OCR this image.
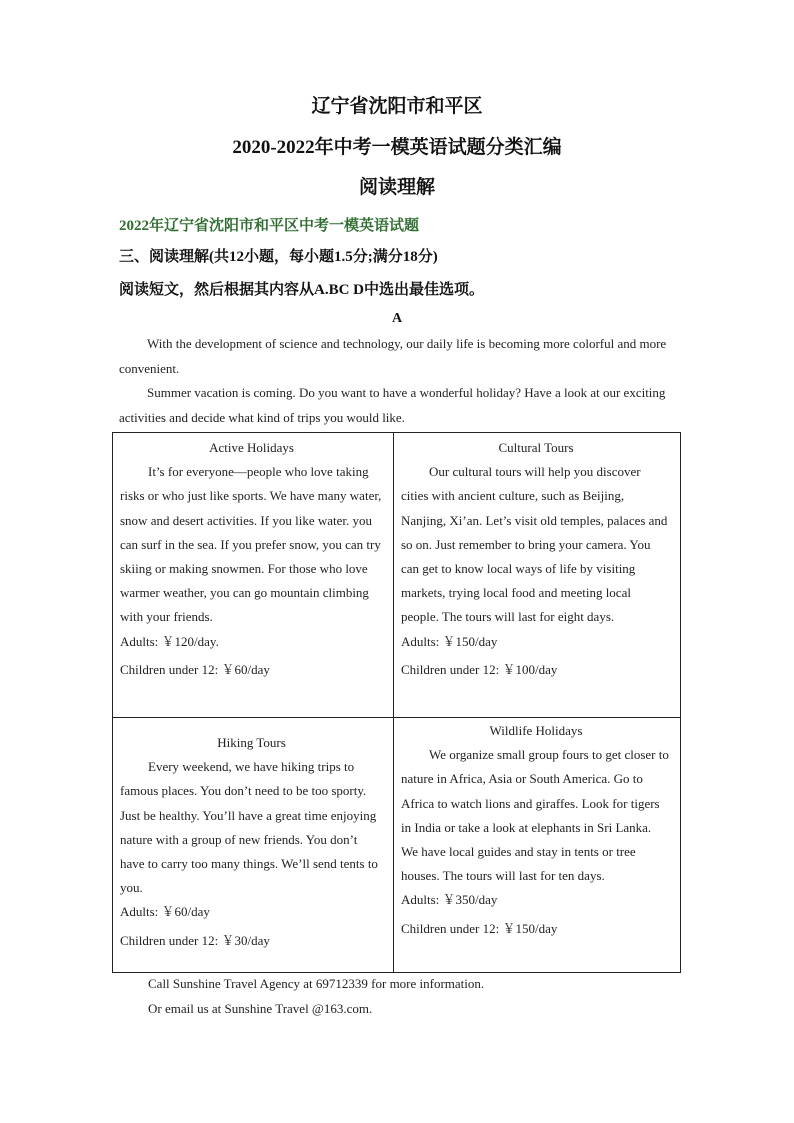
辽宁省沈阳市和平区
2020-2022年中考一模英语试题分类汇编
阅读理解
2022年辽宁省沈阳市和平区中考一模英语试题
三、阅读理解(共12小题，每小题1.5分;满分18分)
阅读短文，然后根据其内容从A.BC D中选出最佳选项。
A
With the development of science and technology, our daily life is becoming more colorful and more convenient.
Summer vacation is coming. Do you want to have a wonderful holiday? Have a look at our exciting activities and decide what kind of trips you would like.
Active Holidays
It’s for everyone—people who love taking risks or who just like sports. We have many water, snow and desert activities. If you like water. you can surf in the sea. If you prefer snow, you can try skiing or making snowmen. For those who love warmer weather, you can go mountain climbing with your friends.
Adults: ￥120/day.
Children under 12: ￥60/day
Cultural Tours
Our cultural tours will help you discover cities with ancient culture, such as Beijing, Nanjing, Xi’an. Let’s visit old temples, palaces and so on. Just remember to bring your camera. You can get to know local ways of life by visiting markets, trying local food and meeting local people. The tours will last for eight days.
Adults: ￥150/day
Children under 12: ￥100/day
Hiking Tours
Every weekend, we have hiking trips to famous places. You don’t need to be too sporty. Just be healthy. You’ll have a great time enjoying nature with a group of new friends. You don’t have to carry too many things. We’ll send tents to you.
Adults: ￥60/day
Children under 12: ￥30/day
Wildlife Holidays
We organize small group fours to get closer to nature in Africa, Asia or South America. Go to Africa to watch lions and giraffes. Look for tigers in India or take a look at elephants in Sri Lanka. We have local guides and stay in tents or tree houses. The tours will last for ten days.
Adults: ￥350/day
Children under 12: ￥150/day
Call Sunshine Travel Agency at 69712339 for more information.
Or email us at Sunshine Travel @163.com.
